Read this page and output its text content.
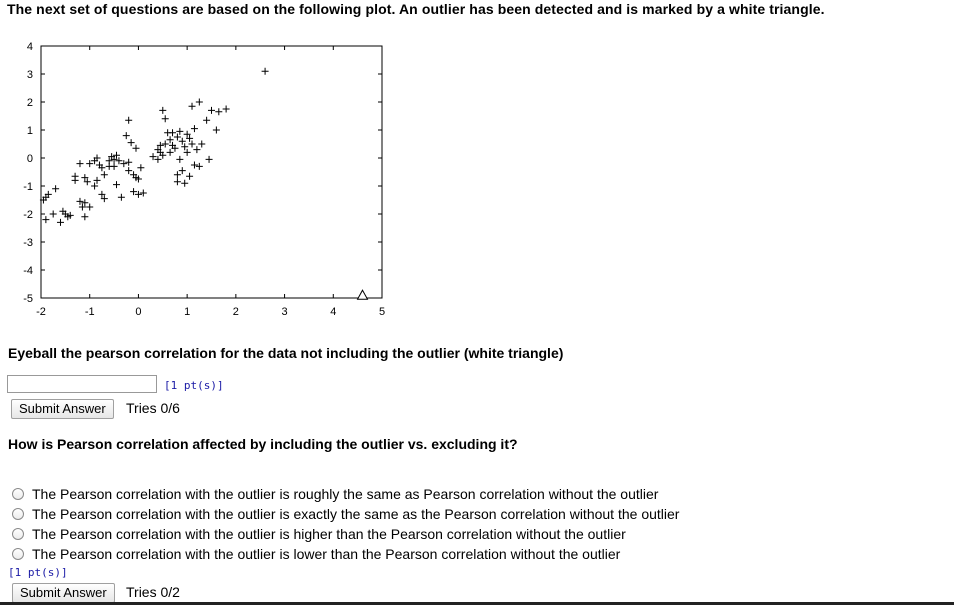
The next set of questions are based on the following plot. An outlier has been detected and is marked by a white triangle.
4
3
2
1
0
-1
-2
-3
-4
-5
-2	-1	0	1	2	3	4	5
Eyeball the pearson correlation for the data not including the outlier (white triangle)
[1 pt(s)]
Submit Answer	Tries 0/6
How is Pearson correlation affected by including the outlier vs. excluding it?
The Pearson correlation with the outlier is roughly the same as Pearson correlation without the outlier
The Pearson correlation with the outlier is exactly the same as the Pearson correlation without the outlier
The Pearson correlation with the outlier is higher than the Pearson correlation without the outlier
The Pearson correlation with the outlier is lower than the Pearson correlation without the outlier
[1 pt(s)]
Submit Answer	Tries 0/2
